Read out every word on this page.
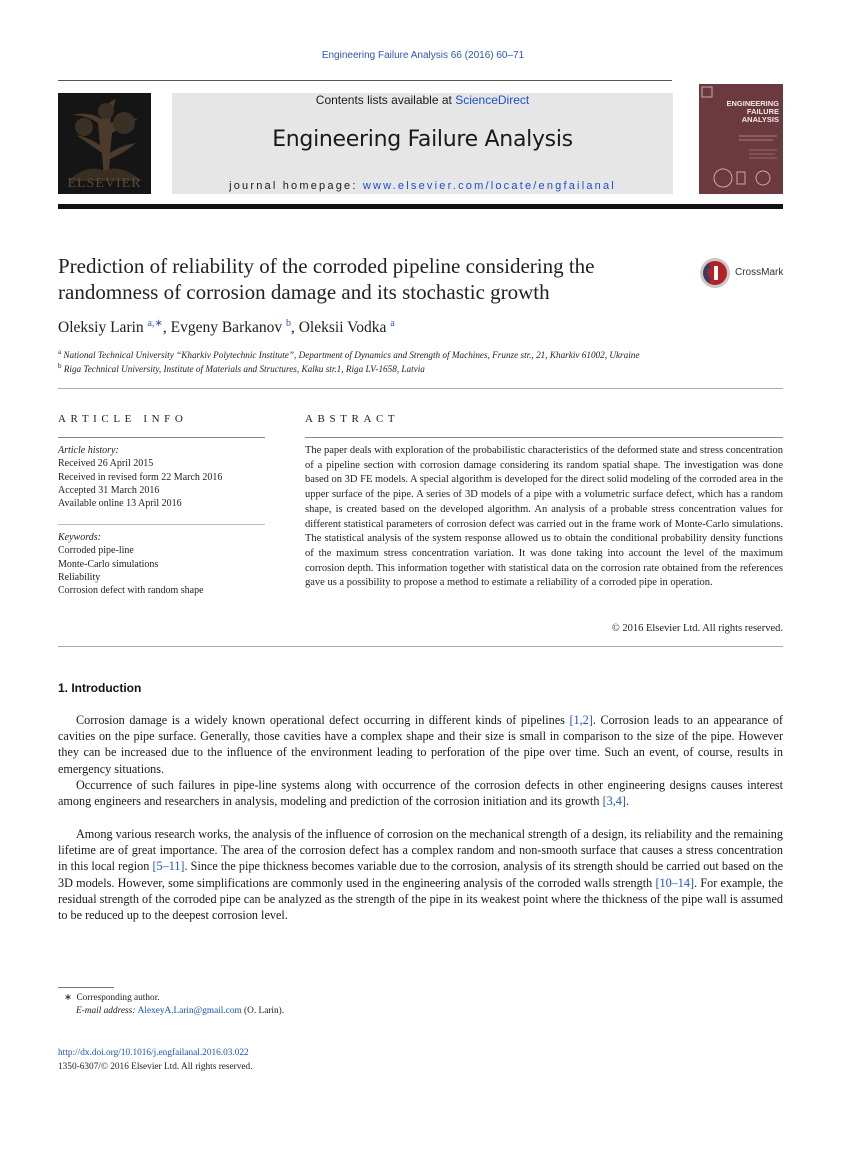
Engineering Failure Analysis 66 (2016) 60–71
ELSEVIER
Contents lists available at ScienceDirect
Engineering Failure Analysis
journal homepage: www.elsevier.com/locate/engfailanal
ENGINEERING FAILURE ANALYSIS
Prediction of reliability of the corroded pipeline considering the randomness of corrosion damage and its stochastic growth
CrossMark
Oleksiy Larin $^{a,∗}$, Evgeny Barkanov $^b$, Oleksii Vodka $^a$
$^a$ National Technical University “Kharkiv Polytechnic Institute”, Department of Dynamics and Strength of Machines, Frunze str., 21, Kharkiv 61002, Ukraine
$^b$ Riga Technical University, Institute of Materials and Structures, Kalku str.1, Riga LV-1658, Latvia
ARTICLE INFO
Article history:
Received 26 April 2015
Received in revised form 22 March 2016
Accepted 31 March 2016
Available online 13 April 2016
Keywords:
Corroded pipe-line
Monte-Carlo simulations
Reliability
Corrosion defect with random shape
ABSTRACT
The paper deals with exploration of the probabilistic characteristics of the deformed state and stress concentration of a pipeline section with corrosion damage considering its random spatial shape. The investigation was done based on 3D FE models. A special algorithm is developed for the direct solid modeling of the corroded area in the upper surface of the pipe. A series of 3D models of a pipe with a volumetric surface defect, which has a random shape, is created based on the developed algorithm. An analysis of a probable stress concentration values for different statistical parameters of corrosion defect was carried out in the frame work of Monte-Carlo simulations. The statistical analysis of the system response allowed us to obtain the conditional probability density functions of the maximum stress concentration variation. It was done taking into account the level of the maximum corrosion depth. This information together with statistical data on the corrosion rate obtained from the references gave us a possibility to propose a method to estimate a reliability of a corroded pipe in operation.
© 2016 Elsevier Ltd. All rights reserved.
1. Introduction
Corrosion damage is a widely known operational defect occurring in different kinds of pipelines [1,2]. Corrosion leads to an appearance of cavities on the pipe surface. Generally, those cavities have a complex shape and their size is small in comparison to the size of the pipe. However they can be increased due to the influence of the environment leading to perforation of the pipe over time. Such an event, of course, results in emergency situations.
Occurrence of such failures in pipe-line systems along with occurrence of the corrosion defects in other engineering designs causes interest among engineers and researchers in analysis, modeling and prediction of the corrosion initiation and its growth [3,4].
Among various research works, the analysis of the influence of corrosion on the mechanical strength of a design, its reliability and the remaining lifetime are of great importance. The area of the corrosion defect has a complex random and non-smooth surface that causes a stress concentration in this local region [5–11]. Since the pipe thickness becomes variable due to the corrosion, analysis of its strength should be carried out based on the 3D models. However, some simplifications are commonly used in the engineering analysis of the corroded walls strength [10–14]. For example, the residual strength of the corroded pipe can be analyzed as the strength of the pipe in its weakest point where the thickness of the pipe wall is assumed to be reduced up to the deepest corrosion level.
∗ Corresponding author.
E-mail address: AlexeyA.Larin@gmail.com (O. Larin).
http://dx.doi.org/10.1016/j.engfailanal.2016.03.022
1350-6307/© 2016 Elsevier Ltd. All rights reserved.
